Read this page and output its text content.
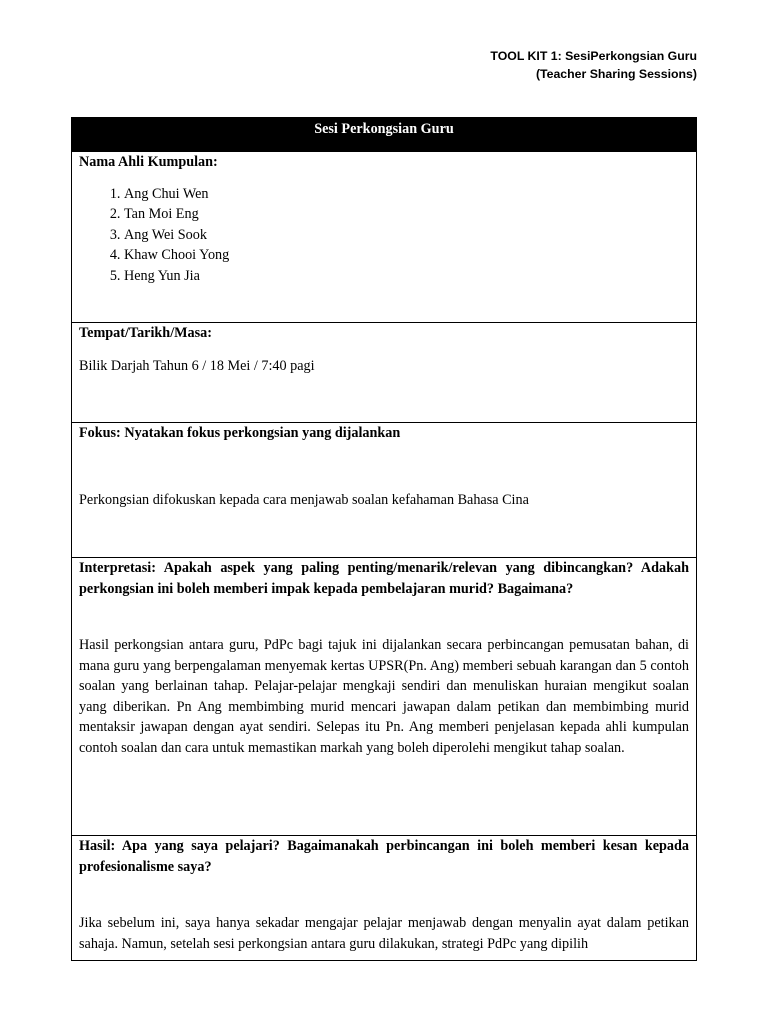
TOOL KIT 1: SesiPerkongsian Guru
(Teacher Sharing Sessions)
Sesi Perkongsian Guru

Nama Ahli Kumpulan:

1. Ang Chui Wen
2. Tan Moi Eng
3. Ang Wei Sook
4. Khaw Chooi Yong
5. Heng Yun Jia

Tempat/Tarikh/Masa:

Bilik Darjah Tahun 6 / 18 Mei / 7:40 pagi

Fokus: Nyatakan fokus perkongsian yang dijalankan

Perkongsian difokuskan kepada cara menjawab soalan kefahaman Bahasa Cina

Interpretasi: Apakah aspek yang paling penting/menarik/relevan yang dibincangkan? Adakah perkongsian ini boleh memberi impak kepada pembelajaran murid? Bagaimana?

Hasil perkongsian antara guru, PdPc bagi tajuk ini dijalankan secara perbincangan pemusatan bahan, di mana guru yang berpengalaman menyemak kertas UPSR(Pn. Ang) memberi sebuah karangan dan 5 contoh soalan yang berlainan tahap. Pelajar-pelajar mengkaji sendiri dan menuliskan huraian mengikut soalan yang diberikan. Pn Ang membimbing murid mencari jawapan dalam petikan dan membimbing murid mentaksir jawapan dengan ayat sendiri. Selepas itu Pn. Ang memberi penjelasan kepada ahli kumpulan contoh soalan dan cara untuk memastikan markah yang boleh diperolehi mengikut tahap soalan.

Hasil: Apa yang saya pelajari? Bagaimanakah perbincangan ini boleh memberi kesan kepada profesionalisme saya?

Jika sebelum ini, saya hanya sekadar mengajar pelajar menjawab dengan menyalin ayat dalam petikan sahaja. Namun, setelah sesi perkongsian antara guru dilakukan, strategi PdPc yang dipilih
